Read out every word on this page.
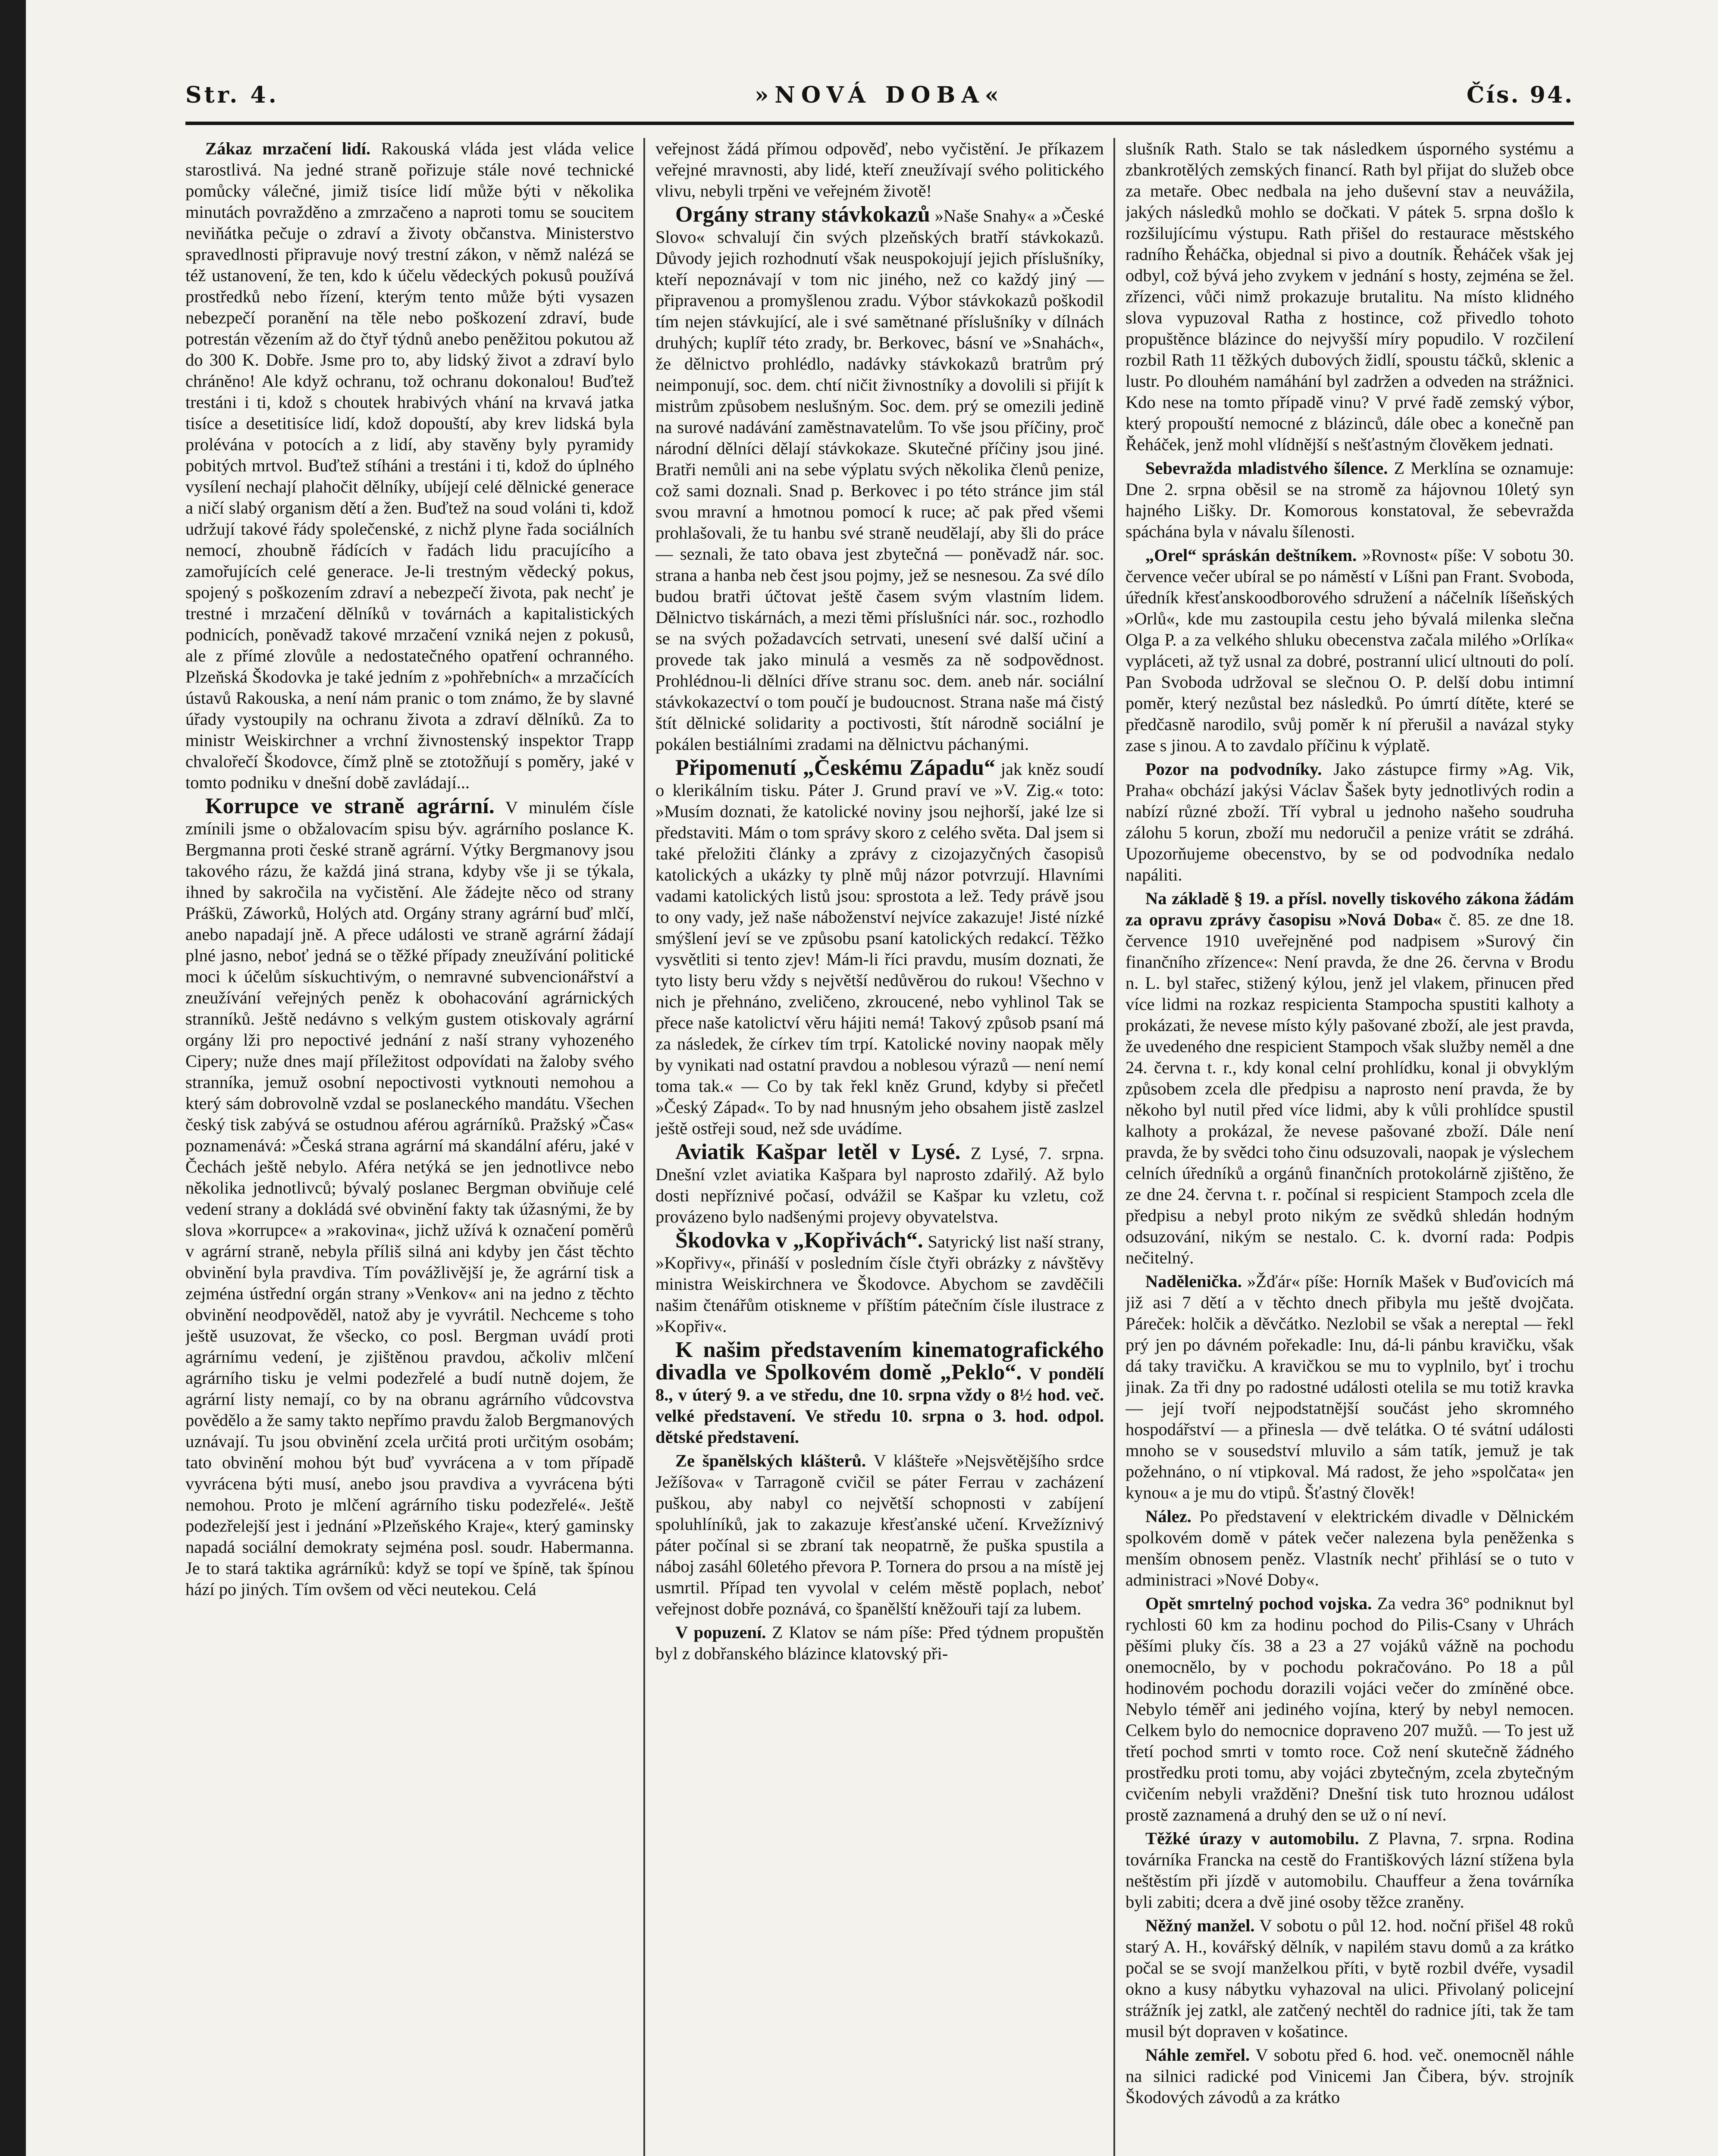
Str. 4.	»NOVÁ DOBA«	Čís. 94.

Zákaz mrzačení lidí. Rakouská vláda jest vláda velice starostlivá. Na jedné straně pořizuje stále nové technické pomůcky válečné, jimiž tisíce lidí může býti v několika minutách povražděno a zmrzačeno a naproti tomu se soucitem neviňátka pečuje o zdraví a životy občanstva. Ministerstvo spravedlnosti připravuje nový trestní zákon, v němž nalézá se též ustanovení, že ten, kdo k účelu vědeckých pokusů používá prostředků nebo řízení, kterým tento může býti vysazen nebezpečí poranění na těle nebo poškození zdraví, bude potrestán vězením až do čtyř týdnů anebo peněžitou pokutou až do 300 K. Dobře. Jsme pro to, aby lidský život a zdraví bylo chráněno! Ale když ochranu, tož ochranu dokonalou! Buďtež trestáni i ti, kdož s choutek hrabivých vhání na krvavá jatka tisíce a desetitisíce lidí, kdož dopouští, aby krev lidská byla prolévána v potocích a z lidí, aby stavěny byly pyramidy pobitých mrtvol. Buďtež stíháni a trestáni i ti, kdož do úplného vysílení nechají plahočit dělníky, ubíjejí celé dělnické generace a ničí slabý organism dětí a žen. Buďtež na soud voláni ti, kdož udržují takové řády společenské, z nichž plyne řada sociálních nemocí, zhoubně řádících v řadách lidu pracujícího a zamořujících celé generace. Je-li trestným vědecký pokus, spojený s poškozením zdraví a nebezpečí života, pak nechť je trestné i mrzačení dělníků v továrnách a kapitalistických podnicích, poněvadž takové mrzačení vzniká nejen z pokusů, ale z přímé zlovůle a nedostatečného opatření ochranného. Plzeňská Škodovka je také jedním z »pohřebních« a mrzačících ústavů Rakouska, a není nám pranic o tom známo, že by slavné úřady vystoupily na ochranu života a zdraví dělníků. Za to ministr Weiskirchner a vrchní živnostenský inspektor Trapp chvalořečí Škodovce, čímž plně se ztotožňují s poměry, jaké v tomto podniku v dnešní době zavládají...

Korrupce ve straně agrární. V minulém čísle zmínili jsme o obžalovacím spisu býv. agrárního poslance K. Bergmanna proti české straně agrární. Výtky Bergmanovy jsou takového rázu, že každá jiná strana, kdyby vše ji se týkala, ihned by sakročila na vyčistění. Ale žádejte něco od strany Práškü, Záworků, Holých atd. Orgány strany agrární buď mlčí, anebo napadají jně. A přece události ve straně agrární žádají plné jasno, neboť jedná se o těžké případy zneužívání politické moci k účelům sískuchtivým, o nemravné subvencionářství a zneužívání veřejných peněz k obohacování agrárnických stranníků. Ještě nedávno s velkým gustem otiskovaly agrární orgány lži pro nepoctivé jednání z naší strany vyhozeného Cipery; nuže dnes mají příležitost odpovídati na žaloby svého stranníka, jemuž osobní nepoctivosti vytknouti nemohou a který sám dobrovolně vzdal se poslaneckého mandátu. Všechen český tisk zabývá se ostudnou aférou agrárníků. Pražský »Čas« poznamenává: »Česká strana agrární má skandální aféru, jaké v Čechách ještě nebylo. Aféra netýká se jen jednotlivce nebo několika jednotlivců; bývalý poslanec Bergman obviňuje celé vedení strany a dokládá své obvinění fakty tak úžasnými, že by slova »korrupce« a »rakovina«, jichž užívá k označení poměrů v agrární straně, nebyla příliš silná ani kdyby jen část těchto obvinění byla pravdiva. Tím povážlivější je, že agrární tisk a zejména ústřední orgán strany »Venkov« ani na jedno z těchto obvinění neodpověděl, natož aby je vyvrátil. Nechceme s toho ještě usuzovat, že všecko, co posl. Bergman uvádí proti agrárnímu vedení, je zjištěnou pravdou, ačkoliv mlčení agrárního tisku je velmi podezřelé a budí nutně dojem, že agrární listy nemají, co by na obranu agrárního vůdcovstva povědělo a že samy takto nepřímo pravdu žalob Bergmanových uznávají. Tu jsou obvinění zcela určitá proti určitým osobám; tato obvinění mohou být buď vyvrácena a v tom případě vyvrácena býti musí, anebo jsou pravdiva a vyvrácena býti nemohou. Proto je mlčení agrárního tisku podezřelé«. Ještě podezřelejší jest i jednání »Plzeňského Kraje«, který gaminsky napadá sociální demokraty sejména posl. soudr. Habermanna. Je to stará taktika agrárníků: když se topí ve špíně, tak špínou hází po jiných. Tím ovšem od věci neutekou. Celá

veřejnost žádá přímou odpověď, nebo vyčistění. Je příkazem veřejné mravnosti, aby lidé, kteří zneužívají svého politického vlivu, nebyli trpěni ve veřejném životě!

Orgány strany stávkokazů »Naše Snahy« a »České Slovo« schvalují čin svých plzeňských bratří stávkokazů. Důvody jejich rozhodnutí však neuspokojují jejich příslušníky, kteří nepoznávají v tom nic jiného, než co každý jiný — připravenou a promyšlenou zradu. Výbor stávkokazů poškodil tím nejen stávkující, ale i své samětnané příslušníky v dílnách druhých; kuplíř této zrady, br. Berkovec, básní ve »Snahách«, že dělnictvo prohlédlo, nadávky stávkokazů bratrům prý neimponují, soc. dem. chtí ničit živnostníky a dovolili si přijít k mistrům způsobem neslušným. Soc. dem. prý se omezili jedině na surové nadávání zaměstnavatelům. To vše jsou příčiny, proč národní dělníci dělají stávkokaze. Skutečné příčiny jsou jiné. Bratři nemůli ani na sebe výplatu svých několika členů penize, což sami doznali. Snad p. Berkovec i po této stránce jim stál svou mravní a hmotnou pomocí k ruce; ač pak před všemi prohlašovali, že tu hanbu své straně neudělají, aby šli do práce — seznali, že tato obava jest zbytečná — poněvadž nár. soc. strana a hanba neb čest jsou pojmy, jež se nesnesou. Za své dílo budou bratři účtovat ještě časem svým vlastním lidem. Dělnictvo tiskárnách, a mezi těmi příslušníci nár. soc., rozhodlo se na svých požadavcích setrvati, unesení své další učiní a provede tak jako minulá a vesměs za ně sodpovědnost. Prohlédnou-li dělníci dříve stranu soc. dem. aneb nár. sociální stávkokazectví o tom poučí je budoucnost. Strana naše má čistý štít dělnické solidarity a poctivosti, štít národně sociální je pokálen bestiálními zradami na dělnictvu páchanými.

Připomenutí „Českému Západu“ jak kněz soudí o klerikálním tisku. Páter J. Grund praví ve »V. Zig.« toto: »Musím doznati, že katolické noviny jsou nejhorší, jaké lze si představiti. Mám o tom správy skoro z celého světa. Dal jsem si také přeložiti články a zprávy z cizojazyčných časopisů katolických a ukázky ty plně můj názor potvrzují. Hlavními vadami katolických listů jsou: sprostota a lež. Tedy právě jsou to ony vady, jež naše náboženství nejvíce zakazuje! Jisté nízké smýšlení jeví se ve způsobu psaní katolických redakcí. Těžko vysvětliti si tento zjev! Mám-li říci pravdu, musím doznati, že tyto listy beru vždy s největší nedůvěrou do rukou! Všechno v nich je přehnáno, zveličeno, zkroucené, nebo vyhlinol Tak se přece naše katolictví věru hájiti nemá! Takový způsob psaní má za následek, že církev tím trpí. Katolické noviny naopak měly by vynikati nad ostatní pravdou a noblesou výrazů — není nemí toma tak.« — Co by tak řekl kněz Grund, kdyby si přečetl »Český Západ«. To by nad hnusným jeho obsahem jistě zaslzel ještě ostřeji soud, než sde uvádíme.

Aviatik Kašpar letěl v Lysé. Z Lysé, 7. srpna. Dnešní vzlet aviatika Kašpara byl naprosto zdařilý. Až bylo dosti nepříznivé počasí, odvážil se Kašpar ku vzletu, což provázeno bylo nadšenými projevy obyvatelstva.

Škodovka v „Kopřivách“. Satyrický list naší strany, »Kopřivy«, přináší v posledním čísle čtyři obrázky z návštěvy ministra Weiskirchnera ve Škodovce. Abychom se zavděčili našim čtenářům otiskneme v příštím pátečním čísle ilustrace z »Kopřiv«.

K našim představením kinematografického divadla ve Spolkovém domě „Peklo“. V pondělí 8., v úterý 9. a ve středu, dne 10. srpna vždy o 8½ hod. več. velké představení. Ve středu 10. srpna o 3. hod. odpol. dětské představení.

Ze španělských klášterů. V klášteře »Nejsvětějšího srdce Ježíšova« v Tarragoně cvičil se páter Ferrau v zacházení puškou, aby nabyl co největší schopnosti v zabíjení spoluhlíníků, jak to zakazuje křesťanské učení. Krvežíznivý páter počínal si se zbraní tak neopatrně, že puška spustila a náboj zasáhl 60letého převora P. Tornera do prsou a na místě jej usmrtil. Případ ten vyvolal v celém městě poplach, neboť veřejnost dobře poznává, co španělští kněžouři tají za lubem.

V popuzení. Z Klatov se nám píše: Před týdnem propuštěn byl z dobřanského blázince klatovský při-

slušník Rath. Stalo se tak následkem úsporného systému a zbankrotělých zemských financí. Rath byl přijat do služeb obce za metaře. Obec nedbala na jeho duševní stav a neuvážila, jakých následků mohlo se dočkati. V pátek 5. srpna došlo k rozšilujícímu výstupu. Rath přišel do restaurace městského radního Řeháčka, objednal si pivo a doutník. Řeháček však jej odbyl, což bývá jeho zvykem v jednání s hosty, zejména se žel. zřízenci, vůči nimž prokazuje brutalitu. Na místo klidného slova vypuzoval Ratha z hostince, což přivedlo tohoto propuštěnce blázince do nejvyšší míry popudilo. V rozčilení rozbil Rath 11 těžkých dubových židlí, spoustu táčků, sklenic a lustr. Po dlouhém namáhání byl zadržen a odveden na strážnici. Kdo nese na tomto případě vinu? V prvé řadě zemský výbor, který propouští nemocné z blázinců, dále obec a konečně pan Řeháček, jenž mohl vlídnější s nešťastným člověkem jednati.

Sebevražda mladistvého šílence. Z Merklína se oznamuje: Dne 2. srpna oběsil se na stromě za hájovnou 10letý syn hajného Lišky. Dr. Komorous konstatoval, že sebevražda spáchána byla v návalu šílenosti.

„Orel“ spráskán deštníkem. »Rovnost« píše: V sobotu 30. července večer ubíral se po náměstí v Líšni pan Frant. Svoboda, úředník křesťanskoodborového sdružení a náčelník líšeňských »Orlů«, kde mu zastoupila cestu jeho bývalá milenka slečna Olga P. a za velkého shluku obecenstva začala milého »Orlíka« vypláceti, až tyž usnal za dobré, postranní ulicí ultnouti do polí. Pan Svoboda udržoval se slečnou O. P. delší dobu intimní poměr, který nezůstal bez následků. Po úmrtí dítěte, které se předčasně narodilo, svůj poměr k ní přerušil a navázal styky zase s jinou. A to zavdalo příčinu k výplatě.

Pozor na podvodníky. Jako zástupce firmy »Ag. Vik, Praha« obchází jakýsi Václav Šašek byty jednotlivých rodin a nabízí různé zboží. Tří vybral u jednoho našeho soudruha zálohu 5 korun, zboží mu nedoručil a penize vrátit se zdráhá. Upozorňujeme obecenstvo, by se od podvodníka nedalo napáliti.

Na základě § 19. a přísl. novelly tiskového zákona žádám za opravu zprávy časopisu »Nová Doba« č. 85. ze dne 18. července 1910 uveřejněné pod nadpisem »Surový čin finančního zřízence«: Není pravda, že dne 26. června v Brodu n. L. byl stařec, stižený kýlou, jenž jel vlakem, přinucen před více lidmi na rozkaz respicienta Stampocha spustiti kalhoty a prokázati, že nevese místo kýly pašované zboží, ale jest pravda, že uvedeného dne respicient Stampoch však služby neměl a dne 24. června t. r., kdy konal celní prohlídku, konal ji obvyklým způsobem zcela dle předpisu a naprosto není pravda, že by někoho byl nutil před více lidmi, aby k vůli prohlídce spustil kalhoty a prokázal, že nevese pašované zboží. Dále není pravda, že by svědci toho činu odsuzovali, naopak je výslechem celních úředníků a orgánů finančních protokolárně zjištěno, že ze dne 24. června t. r. počínal si respicient Stampoch zcela dle předpisu a nebyl proto nikým ze svědků shledán hodným odsuzování, nikým se nestalo. C. k. dvorní rada: Podpis nečitelný.

Nadělenička. »Žďár« píše: Horník Mašek v Buďovicích má již asi 7 dětí a v těchto dnech přibyla mu ještě dvojčata. Páreček: holčik a děvčátko. Nezlobil se však a nereptal — řekl prý jen po dávném pořekadle: Inu, dá-li pánbu kravičku, však dá taky travičku. A kravičkou se mu to vyplnilo, byť i trochu jinak. Za tři dny po radostné události otelila se mu totiž kravka — její tvoří nejpodstatnější součást jeho skromného hospodářství — a přinesla — dvě telátka. O té svátní události mnoho se v sousedství mluvilo a sám tatík, jemuž je tak požehnáno, o ní vtipkoval. Má radost, že jeho »spolčata« jen kynou« a je mu do vtipů. Šťastný člověk!

Nález. Po představení v elektrickém divadle v Dělnickém spolkovém domě v pátek večer nalezena byla peněženka s menším obnosem peněz. Vlastník nechť přihlásí se o tuto v administraci »Nové Doby«.

Opět smrtelný pochod vojska. Za vedra 36° podniknut byl rychlosti 60 km za hodinu pochod do Pilis-Csany v Uhrách pěšími pluky čís. 38 a 23 a 27 vojáků vážně na pochodu onemocnělo, by v pochodu pokračováno. Po 18 a půl hodinovém pochodu dorazili vojáci večer do zmíněné obce. Nebylo téměř ani jediného vojína, který by nebyl nemocen. Celkem bylo do nemocnice dopraveno 207 mužů. — To jest už třetí pochod smrti v tomto roce. Což není skutečně žádného prostředku proti tomu, aby vojáci zbytečným, zcela zbytečným cvičením nebyli vražděni? Dnešní tisk tuto hroznou událost prostě zaznamená a druhý den se už o ní neví.

Těžké úrazy v automobilu. Z Plavna, 7. srpna. Rodina továrníka Francka na cestě do Františkových lázní stížena byla neštěstím při jízdě v automobilu. Chauffeur a žena továrníka byli zabiti; dcera a dvě jiné osoby těžce zraněny.

Něžný manžel. V sobotu o půl 12. hod. noční přišel 48 roků starý A. H., kovářský dělník, v napilém stavu domů a za krátko počal se se svojí manželkou příti, v bytě rozbil dvéře, vysadil okno a kusy nábytku vyhazoval na ulici. Přivolaný policejní strážník jej zatkl, ale zatčený nechtěl do radnice jíti, tak že tam musil být dopraven v košatince.

Náhle zemřel. V sobotu před 6. hod. več. onemocněl náhle na silnici radické pod Vinicemi Jan Čibera, býv. strojník Škodových závodů a za krátko
